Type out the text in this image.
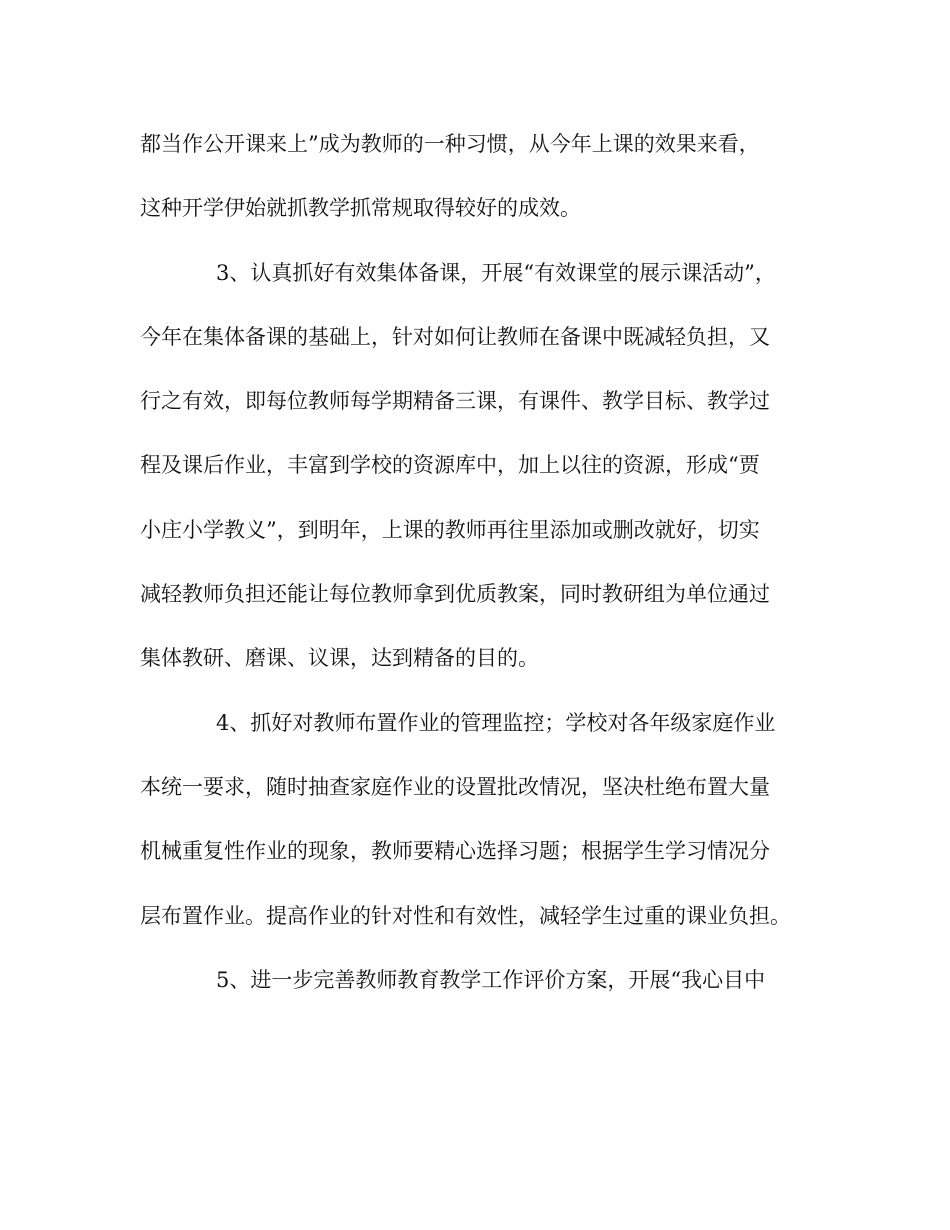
都当作公开课来上”成为教师的一种习惯，从今年上课的效果来看，
这种开学伊始就抓教学抓常规取得较好的成效。
3、认真抓好有效集体备课，开展“有效课堂的展示课活动”，
今年在集体备课的基础上，针对如何让教师在备课中既减轻负担，又
行之有效，即每位教师每学期精备三课，有课件、教学目标、教学过
程及课后作业，丰富到学校的资源库中，加上以往的资源，形成“贾
小庄小学教义”，到明年，上课的教师再往里添加或删改就好，切实
减轻教师负担还能让每位教师拿到优质教案，同时教研组为单位通过
集体教研、磨课、议课，达到精备的目的。
4、抓好对教师布置作业的管理监控；学校对各年级家庭作业
本统一要求，随时抽查家庭作业的设置批改情况，坚决杜绝布置大量
机械重复性作业的现象，教师要精心选择习题；根据学生学习情况分
层布置作业。提高作业的针对性和有效性，减轻学生过重的课业负担。
5、进一步完善教师教育教学工作评价方案，开展“我心目中
